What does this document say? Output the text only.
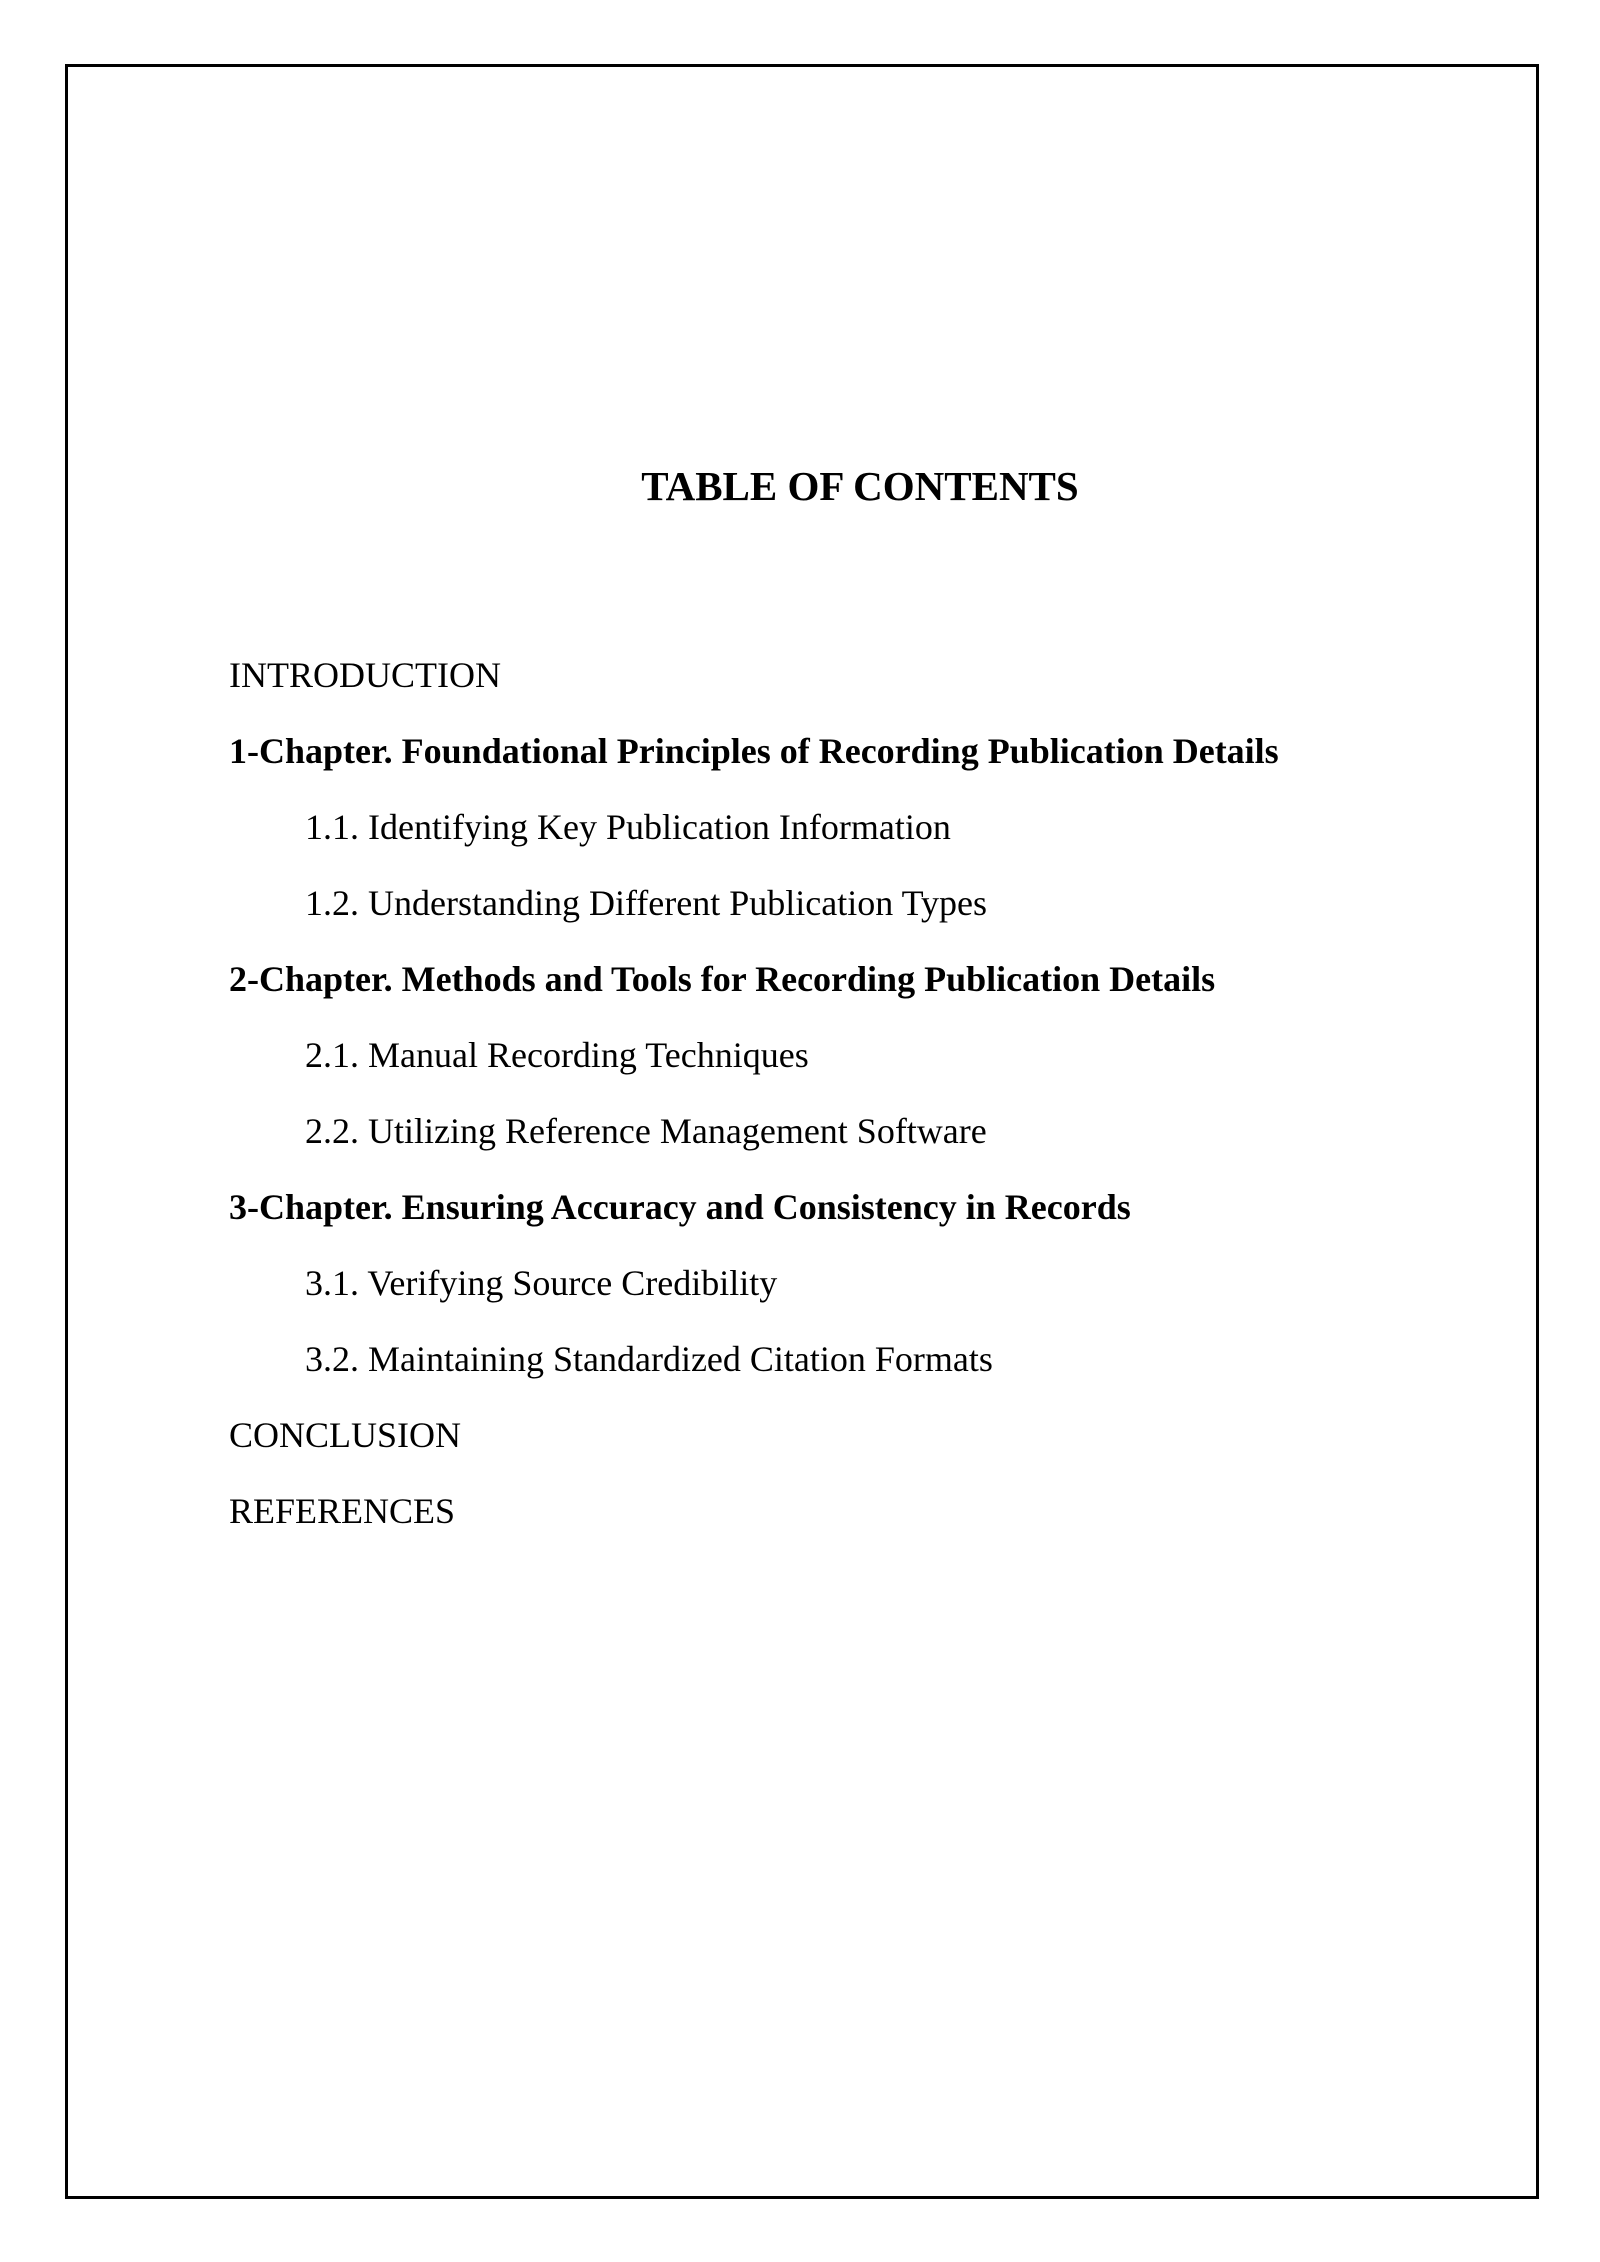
TABLE OF CONTENTS
INTRODUCTION
1-Chapter. Foundational Principles of Recording Publication Details
1.1. Identifying Key Publication Information
1.2. Understanding Different Publication Types
2-Chapter. Methods and Tools for Recording Publication Details
2.1. Manual Recording Techniques
2.2. Utilizing Reference Management Software
3-Chapter. Ensuring Accuracy and Consistency in Records
3.1. Verifying Source Credibility
3.2. Maintaining Standardized Citation Formats
CONCLUSION
REFERENCES
